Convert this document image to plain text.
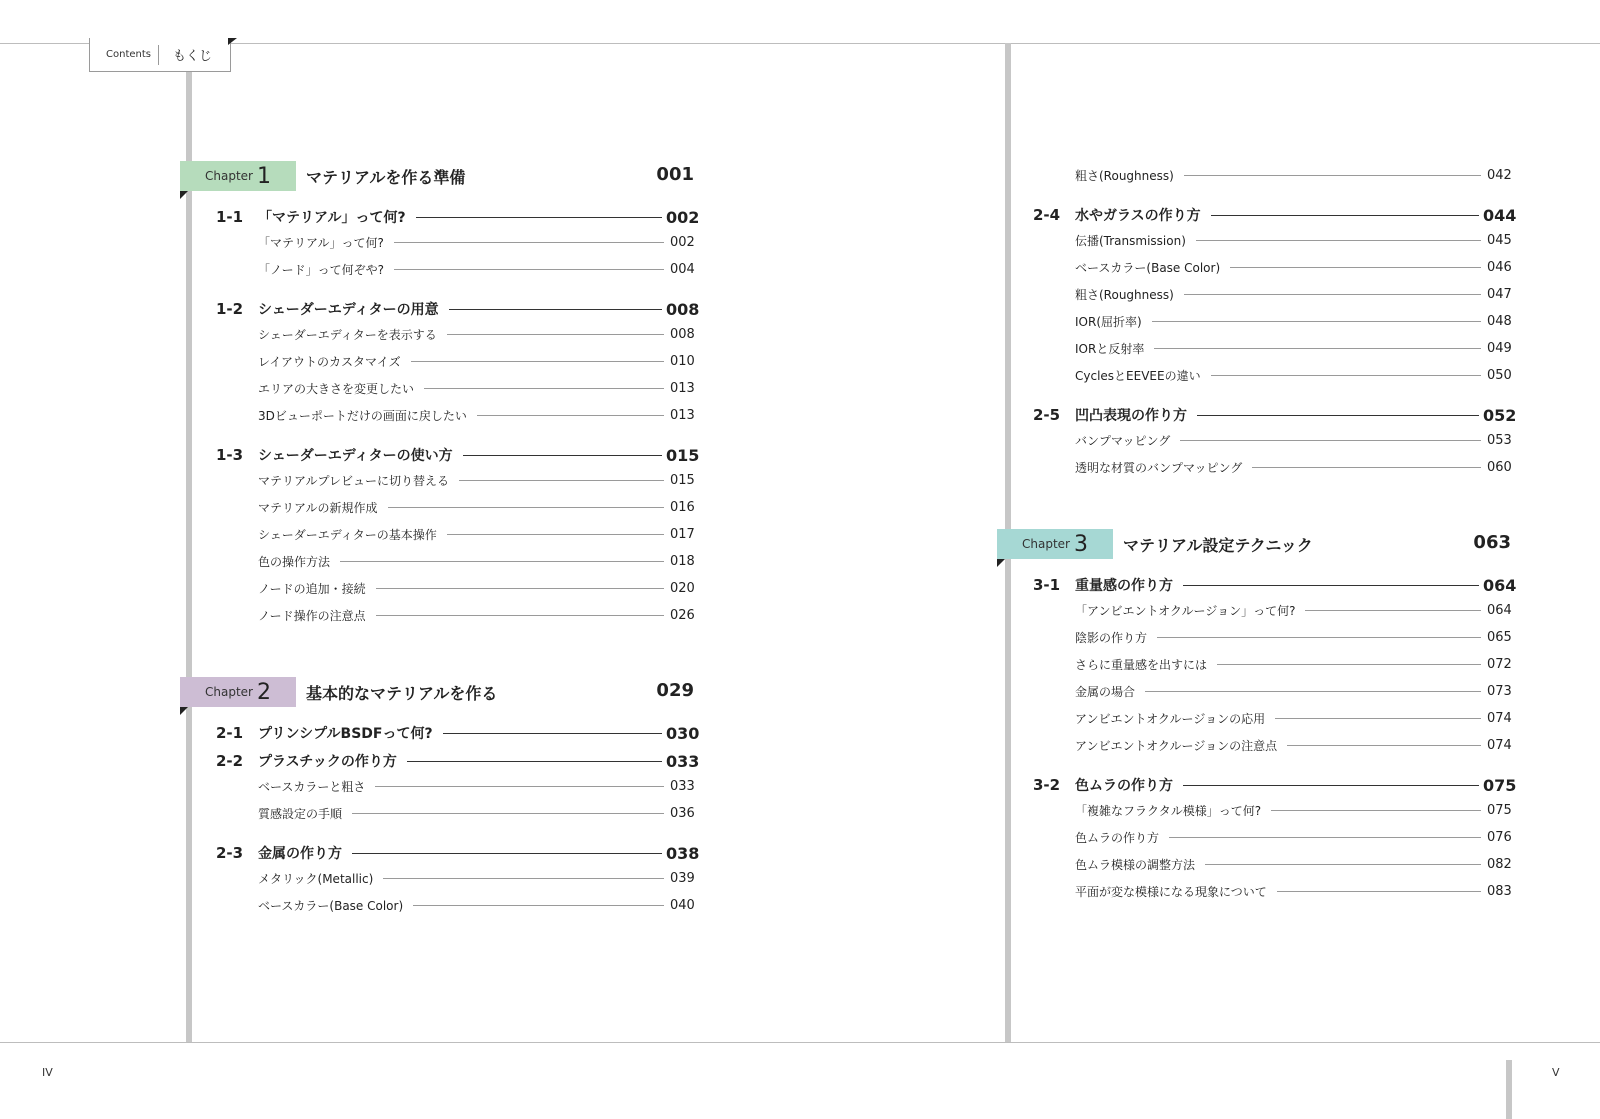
Contents	もくじ
Chapter 1 マテリアルを作る準備	001
1-1	「マテリアル」って何?	002
「マテリアル」って何?	002
「ノード」って何ぞや?	004
1-2	シェーダーエディターの用意	008
シェーダーエディターを表示する	008
レイアウトのカスタマイズ	010
エリアの大きさを変更したい	013
3Dビューポートだけの画面に戻したい	013
1-3	シェーダーエディターの使い方	015
マテリアルプレビューに切り替える	015
マテリアルの新規作成	016
シェーダーエディターの基本操作	017
色の操作方法	018
ノードの追加・接続	020
ノード操作の注意点	026
Chapter 2 基本的なマテリアルを作る	029
2-1	プリンシプルBSDFって何?	030
2-2	プラスチックの作り方	033
ベースカラーと粗さ	033
質感設定の手順	036
2-3	金属の作り方	038
メタリック(Metallic)	039
ベースカラー(Base Color)	040
粗さ(Roughness)	042
2-4	水やガラスの作り方	044
伝播(Transmission)	045
ベースカラー(Base Color)	046
粗さ(Roughness)	047
IOR(屈折率)	048
IORと反射率	049
CyclesとEEVEEの違い	050
2-5	凹凸表現の作り方	052
バンプマッピング	053
透明な材質のバンプマッピング	060
Chapter 3 マテリアル設定テクニック	063
3-1	重量感の作り方	064
「アンビエントオクルージョン」って何?	064
陰影の作り方	065
さらに重量感を出すには	072
金属の場合	073
アンビエントオクルージョンの応用	074
アンビエントオクルージョンの注意点	074
3-2	色ムラの作り方	075
「複雑なフラクタル模様」って何?	075
色ムラの作り方	076
色ムラ模様の調整方法	082
平面が変な模様になる現象について	083
IV	V
